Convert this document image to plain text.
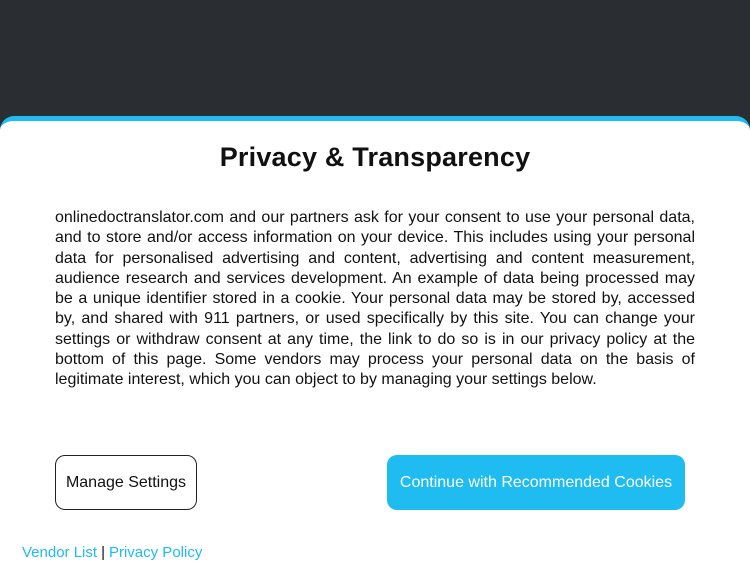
Privacy & Transparency

onlinedoctranslator.com and our partners ask for your consent to use your personal data, and to store and/or access information on your device. This includes using your personal data for personalised advertising and content, advertising and content measurement, audience research and services development. An example of data being processed may be a unique identifier stored in a cookie. Your personal data may be stored by, accessed by, and shared with 911 partners, or used specifically by this site. You can change your settings or withdraw consent at any time, the link to do so is in our privacy policy at the bottom of this page. Some vendors may process your personal data on the basis of legitimate interest, which you can object to by managing your settings below.

Manage Settings	Continue with Recommended Cookies
Vendor List | Privacy Policy
